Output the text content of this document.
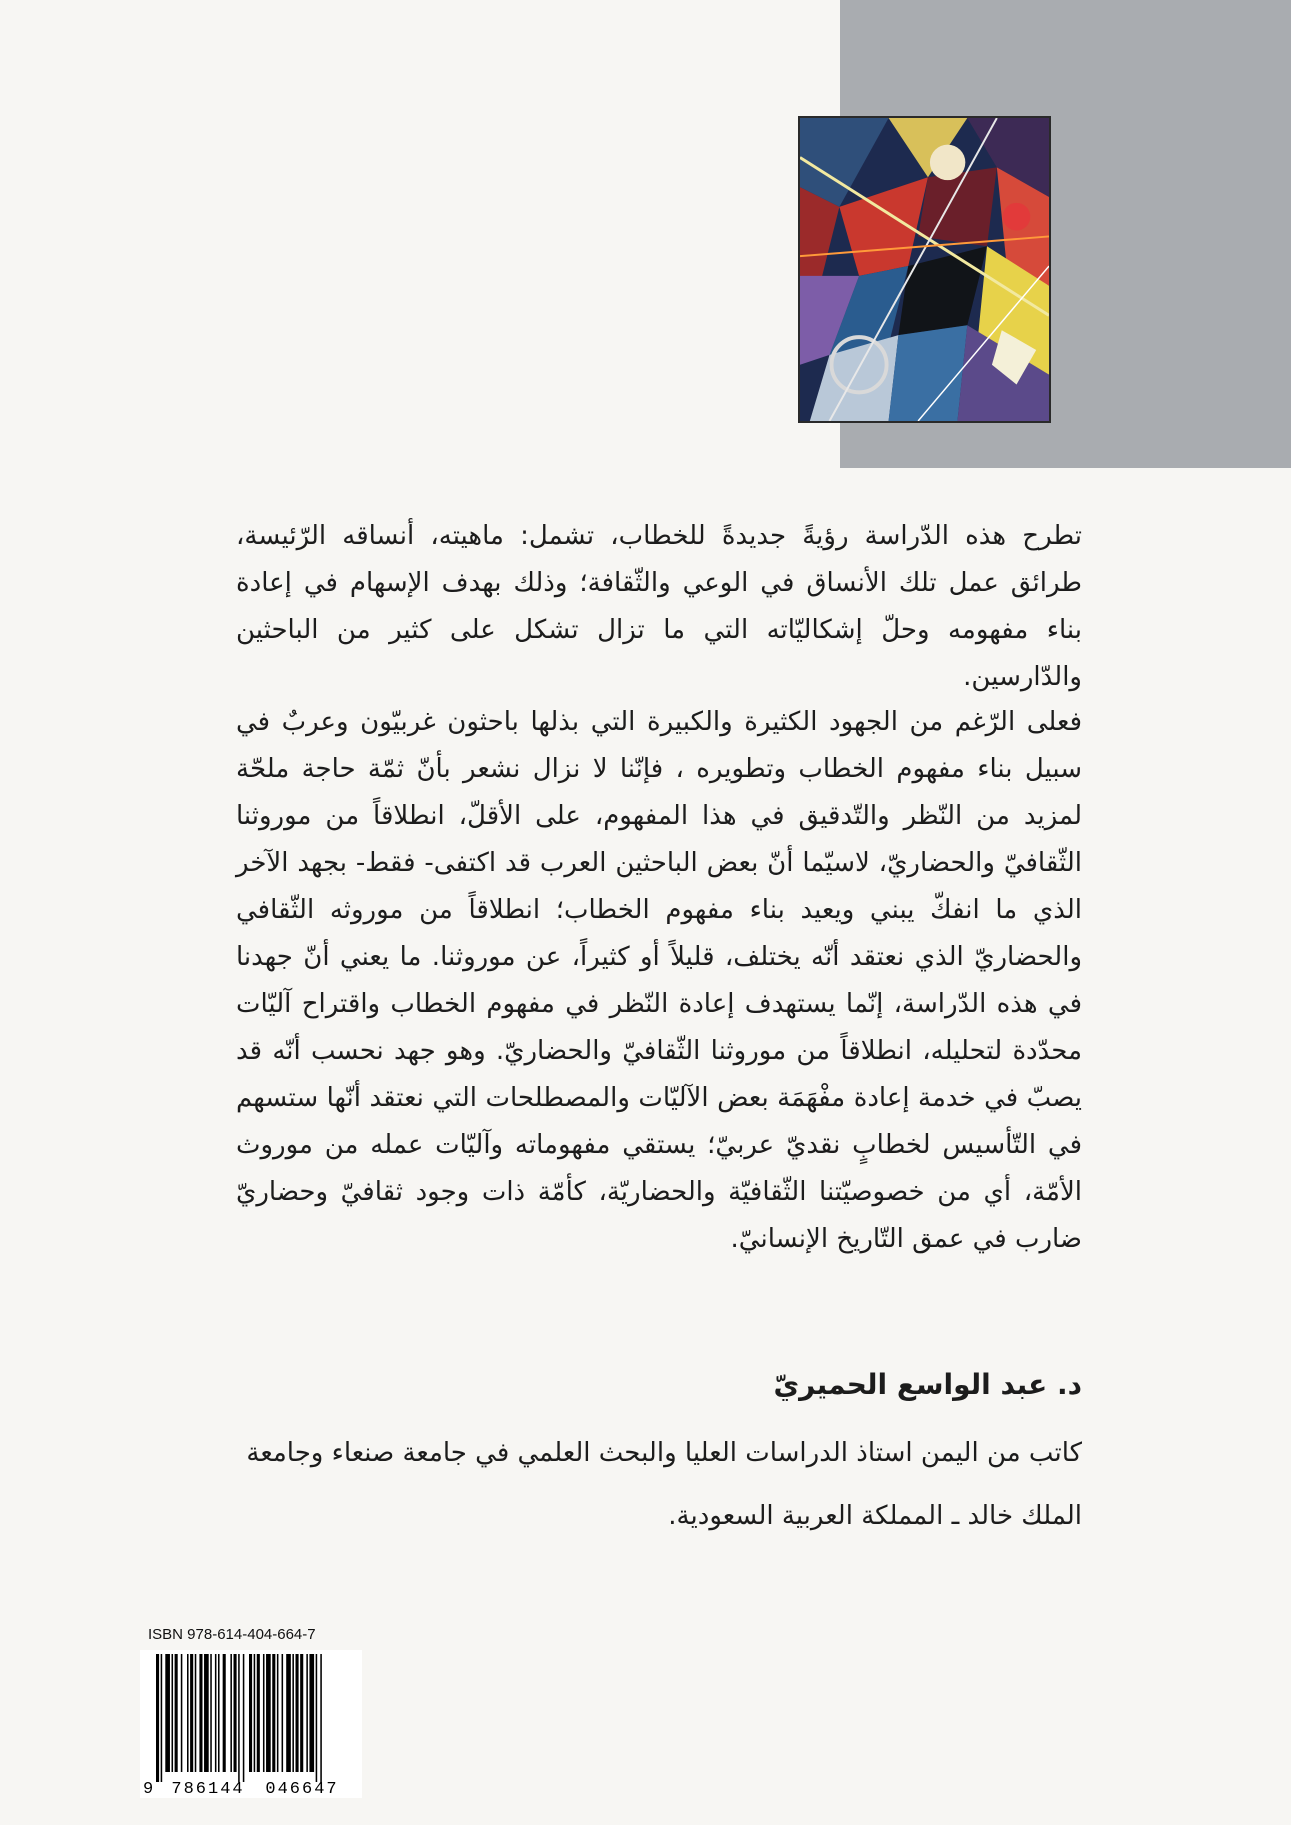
تطرح هذه الدّراسة رؤيةً جديدةً للخطاب، تشمل: ماهيته، أنساقه الرّئيسة، طرائق عمل تلك الأنساق في الوعي والثّقافة؛ وذلك بهدف الإسهام في إعادة بناء مفهومه وحلّ إشكاليّاته التي ما تزال تشكل على كثير من الباحثين والدّارسين.

فعلى الرّغم من الجهود الكثيرة والكبيرة التي بذلها باحثون غربيّون وعربٌ في سبيل بناء مفهوم الخطاب وتطويره ، فإنّنا لا نزال نشعر بأنّ ثمّة حاجة ملحّة لمزيد من النّظر والتّدقيق في هذا المفهوم، على الأقلّ، انطلاقاً من موروثنا الثّقافيّ والحضاريّ، لاسيّما أنّ بعض الباحثين العرب قد اكتفى- فقط- بجهد الآخر الذي ما انفكّ يبني ويعيد بناء مفهوم الخطاب؛ انطلاقاً من موروثه الثّقافي والحضاريّ الذي نعتقد أنّه يختلف، قليلاً أو كثيراً، عن موروثنا. ما يعني أنّ جهدنا في هذه الدّراسة، إنّما يستهدف إعادة النّظر في مفهوم الخطاب واقتراح آليّات محدّدة لتحليله، انطلاقاً من موروثنا الثّقافيّ والحضاريّ. وهو جهد نحسب أنّه قد يصبّ في خدمة إعادة مفْهَمَة بعض الآليّات والمصطلحات التي نعتقد أنّها ستسهم في التّأسيس لخطابٍ نقديّ عربيّ؛ يستقي مفهوماته وآليّات عمله من موروث الأمّة، أي من خصوصيّتنا الثّقافيّة والحضاريّة، كأمّة ذات وجود ثقافيّ وحضاريّ ضارب في عمق التّاريخ الإنسانيّ.

د. عبد الواسع الحميريّ

كاتب من اليمن استاذ الدراسات العليا والبحث العلمي في جامعة صنعاء وجامعة الملك خالد ـ المملكة العربية السعودية.

ISBN 978-614-404-664-7
9 786144 046647
